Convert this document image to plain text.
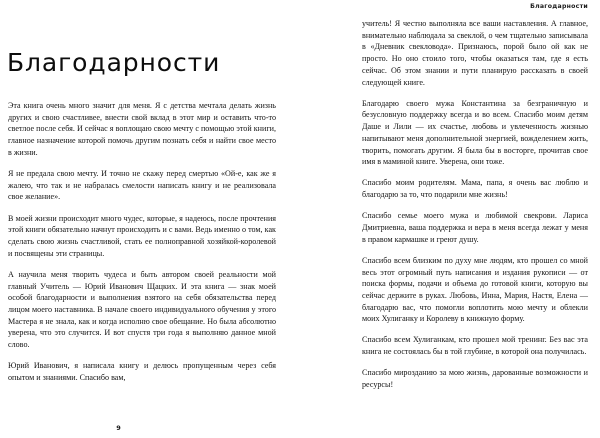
Благодарности

Эта книга очень много значит для меня. Я с детства мечтала делать жизнь других и свою счастливее, внести свой вклад в этот мир и оставить что-то светлое после себя. И сейчас я воплощаю свою мечту с помощью этой книги, главное назначение которой помочь другим познать себя и найти свое место в жизни.

Я не предала свою мечту. И точно не скажу перед смертью «Ой-е, как же я жалею, что так и не набралась смелости написать книгу и не реализовала свое желание».

В моей жизни происходит много чудес, которые, я надеюсь, после прочтения этой книги обязательно начнут происходить и с вами. Ведь именно о том, как сделать свою жизнь счастливой, стать ее полноправной хозяйкой-королевой и посвящены эти страницы.

А научила меня творить чудеса и быть автором своей реальности мой главный Учитель — Юрий Иванович Щацких. И эта книга — знак моей особой благодарности и выполнения взятого на себя обязательства перед лицом моего наставника. В начале своего индивидуального обучения у этого Мастера я не знала, как и когда исполню свое обещание. Но была абсолютно уверена, что это случится. И вот спустя три года я выполняю данное мной слово.

Юрий Иванович, я написала книгу и делюсь пропущенным через себя опытом и знаниями. Спасибо вам,

9
Благодарности

учитель! Я честно выполняла все ваши наставления. А главное, внимательно наблюдала за свеклой, о чем тщательно записывала в «Дневник свекловода». Признаюсь, порой было ой как не просто. Но оно стоило того, чтобы оказаться там, где я есть сейчас. Об этом знании и пути планирую рассказать в своей следующей книге.

Благодарю своего мужа Константина за безграничную и безусловную поддержку всегда и во всем. Спасибо моим детям Даше и Лили — их счастье, любовь и увлеченность жизнью напитывают меня дополнительной энергией, вожделением жить, творить, помогать другим. Я была бы в восторге, прочитав свое имя в маминой книге. Уверена, они тоже.

Спасибо моим родителям. Мама, папа, я очень вас люблю и благодарю за то, что подарили мне жизнь!

Спасибо семье моего мужа и любимой свекрови. Лариса Дмитриевна, ваша поддержка и вера в меня всегда лежат у меня в правом кармашке и греют душу.

Спасибо всем близким по духу мне людям, кто прошел со мной весь этот огромный путь написания и издания рукописи — от поиска формы, подачи и объема до готовой книги, которую вы сейчас держите в руках. Любовь, Инна, Мария, Настя, Елена — благодарю вас, что помогли воплотить мою мечту и облекли моих Хулиганку и Королеву в книжную форму.

Спасибо всем Хулиганкам, кто прошел мой тренинг. Без вас эта книга не состоялась бы в той глубине, в которой она получилась.

Спасибо мирозданию за мою жизнь, дарованные возможности и ресурсы!
